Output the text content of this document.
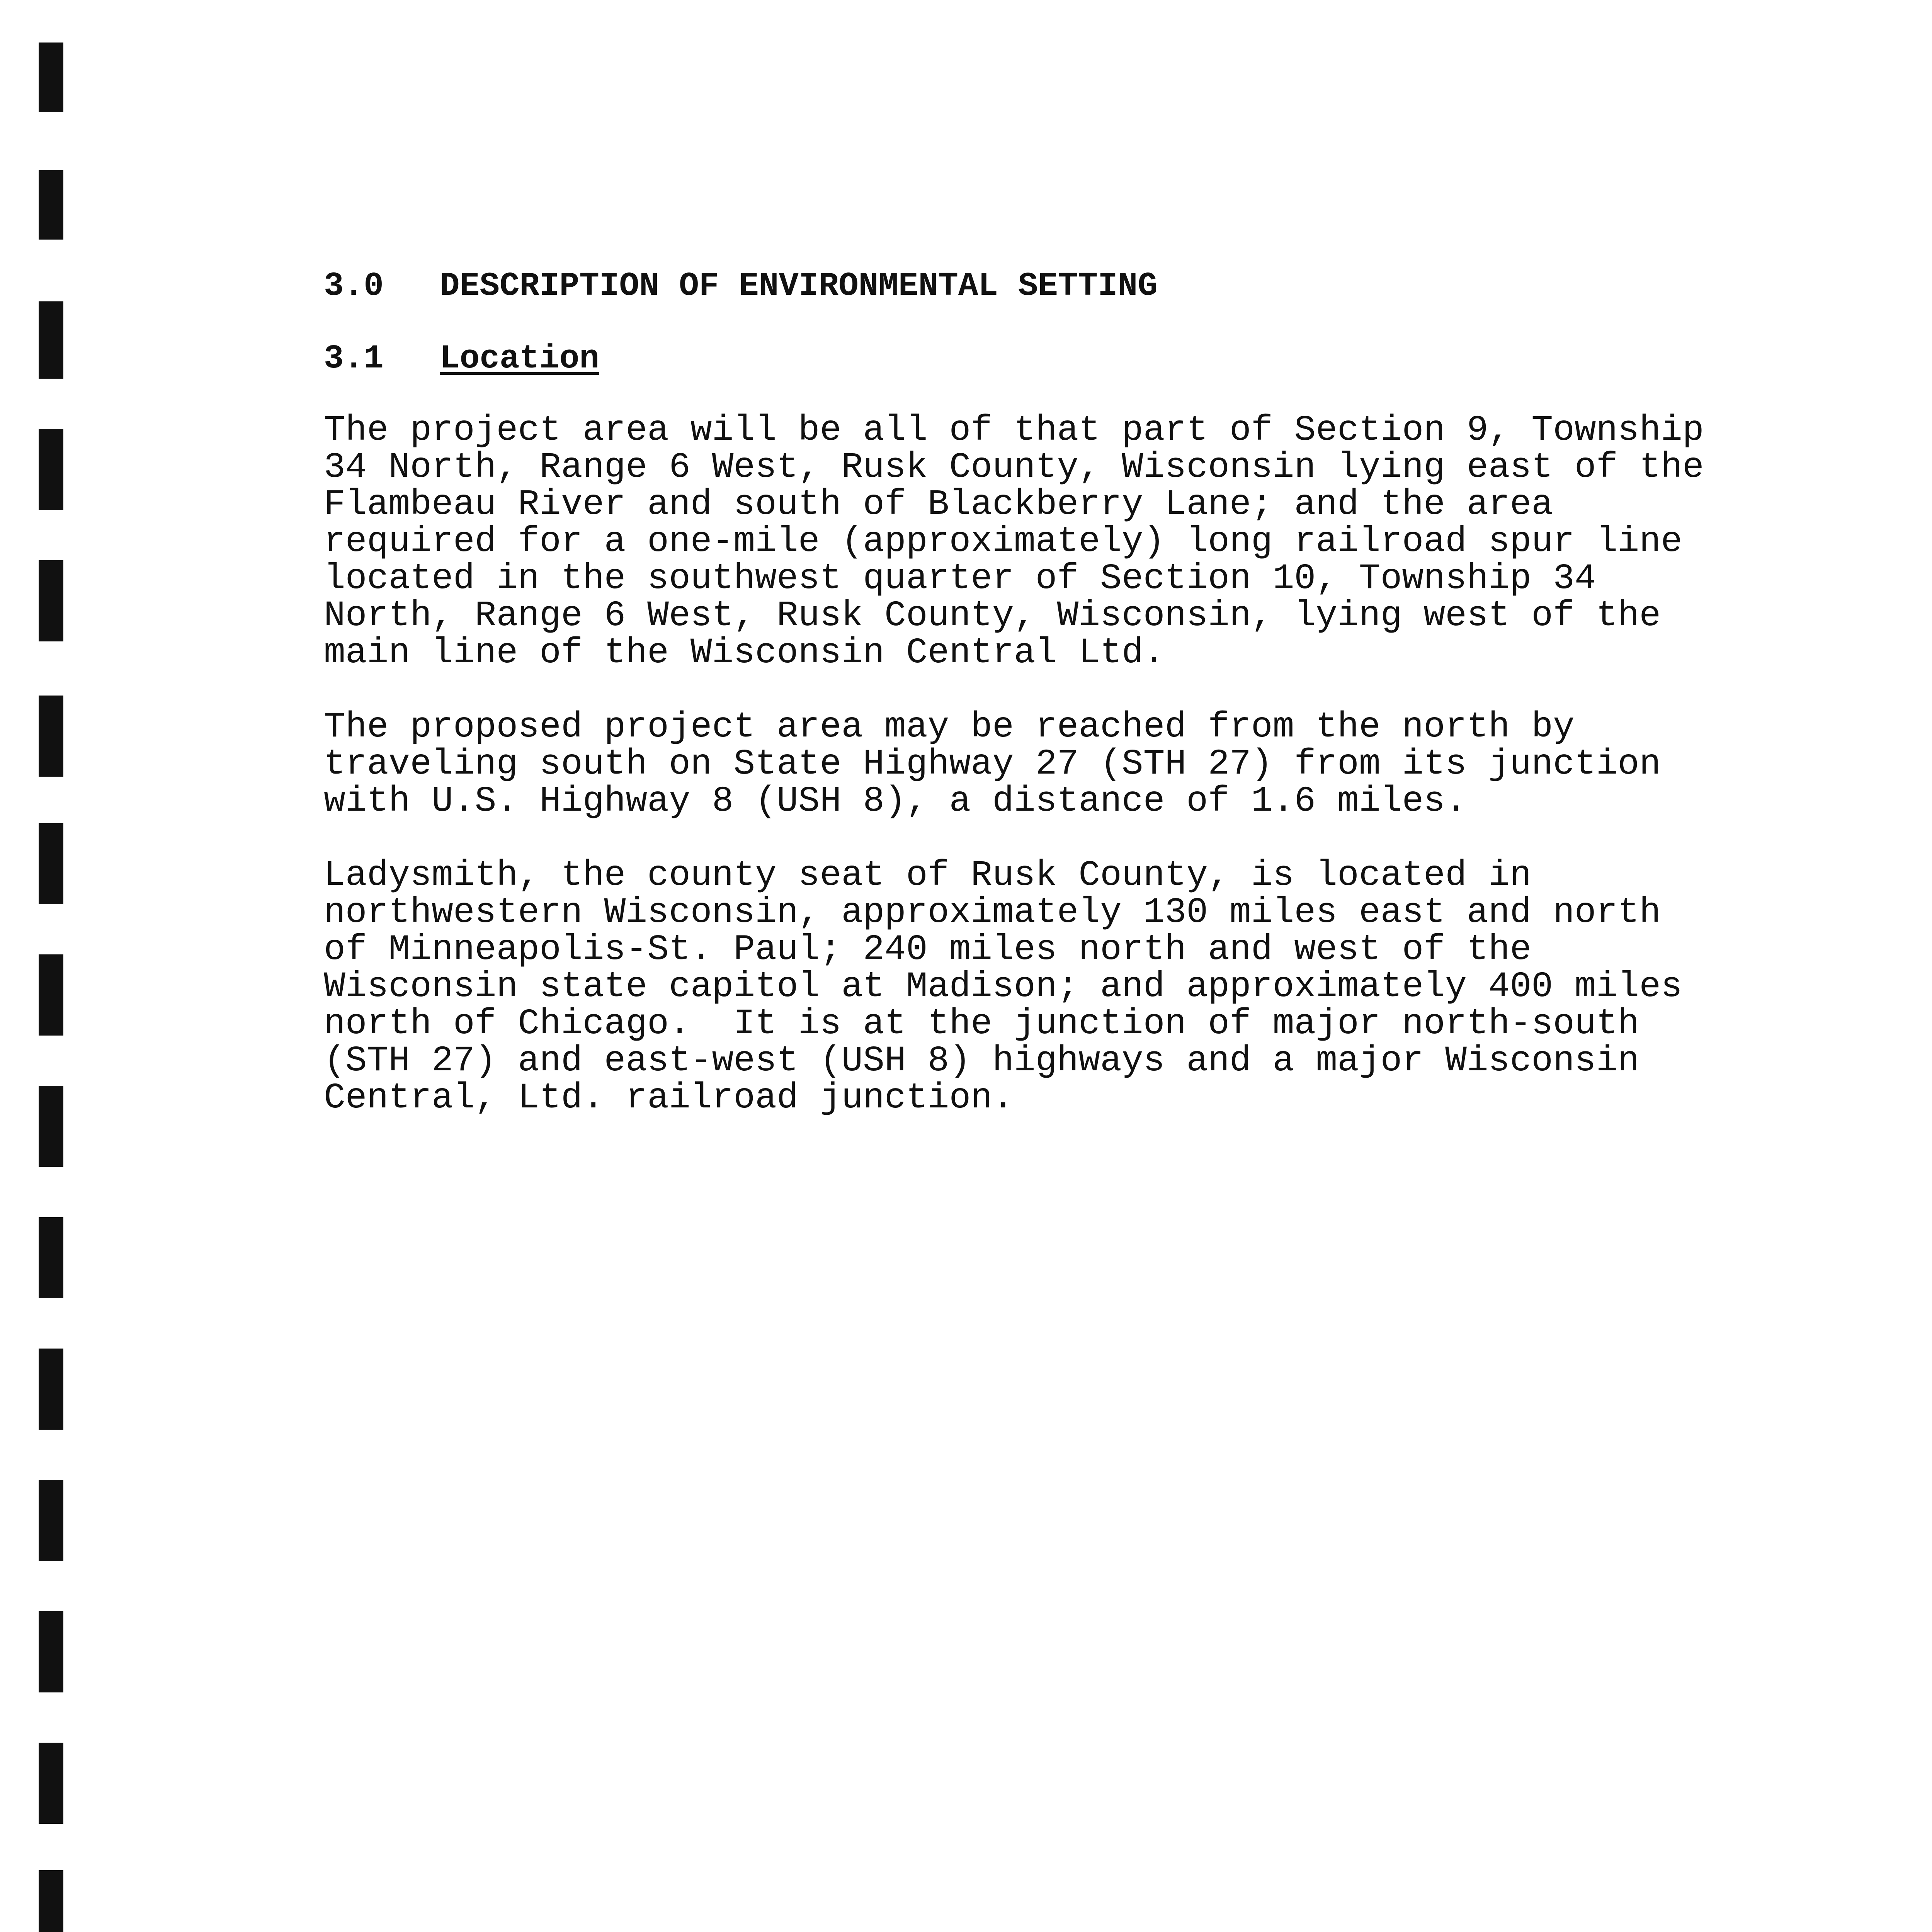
3.0 DESCRIPTION OF ENVIRONMENTAL SETTING
3.1 Location

The project area will be all of that part of Section 9, Township
34 North, Range 6 West, Rusk County, Wisconsin lying east of the
Flambeau River and south of Blackberry Lane; and the area
required for a one-mile (approximately) long railroad spur line
located in the southwest quarter of Section 10, Township 34
North, Range 6 West, Rusk County, Wisconsin, lying west of the
main line of the Wisconsin Central Ltd.

The proposed project area may be reached from the north by
traveling south on State Highway 27 (STH 27) from its junction
with U.S. Highway 8 (USH 8), a distance of 1.6 miles.

Ladysmith, the county seat of Rusk County, is located in
northwestern Wisconsin, approximately 130 miles east and north
of Minneapolis-St. Paul; 240 miles north and west of the
Wisconsin state capitol at Madison; and approximately 400 miles
north of Chicago.  It is at the junction of major north-south
(STH 27) and east-west (USH 8) highways and a major Wisconsin
Central, Ltd. railroad junction.
